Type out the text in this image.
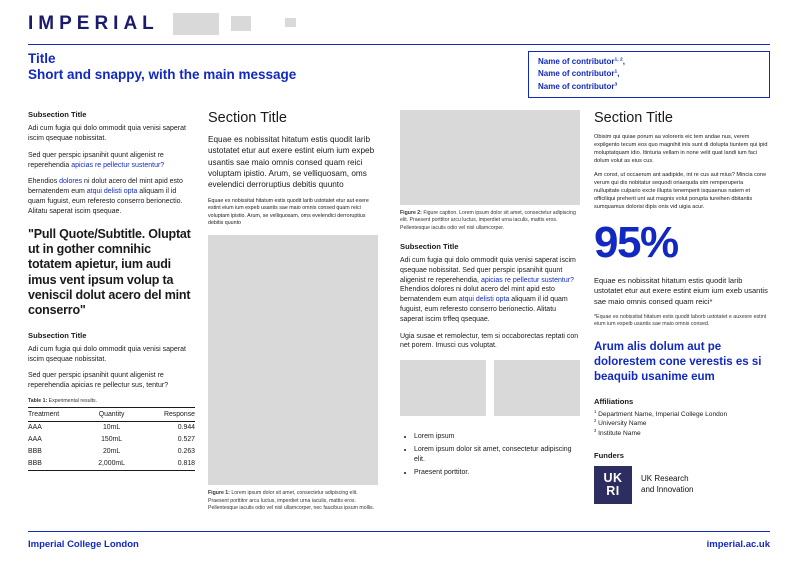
IMPERIAL
Title
Short and snappy, with the main message
Name of contributor$^{1, 2}$,
Name of contributor$^1$,
Name of contributor$^3$
Subsection Title

Adi cum fugia qui dolo ommodit quia venisi saperat iscim qsequae nobissitat.

Sed quer perspic ipsanihit quunt aligenist re reperehendia apicias re pellectur sustentur?

Ehendios dolores ni dolut acero del mint apid esto bernatendem eum atqui delisti opta aliquam il id quam fuguist, eum referesto conserro berionectio. Alitatu saperat iscim qsequae.

"Pull Quote/Subtitle. Oluptat ut in gother comnihic totatem apietur, ium audi imus vent ipsum volup ta veniscil dolut acero del mint conserro"
Subsection Title

Adi cum fugia qui dolo ommodit quia venisi saperat iscim qsequae nobissitat.

Sed quer perspic ipsanihit quunt aligenist re reperehendia apicias re pellectur sus, tentur?

Table 1: Experimental results.
Treatment	Quantity	Response
AAA	10mL	0.944
AAA	150mL	0.527
BBB	20mL	0.263
BBB	2,000mL	0.818
Section Title

Equae es nobissitat hitatum estis quodit larib ustotatet etur aut exere estint eium ium expeb usantis sae maio omnis consed quam reici voluptam ipistio. Arum, se velliquosam, oms evelendici derroruptius debitis quunto

Equae es nobissitat hitatum estis quodit larib ustotatet etur aut exere estint eium ium expeb usantis sae maio omnis consed quam reici voluptam ipistio. Arum, se velliquosam, oms evelendici derroruptius debitis quunto

Figure 1: Lorem ipsum dolor sit amet, consectetur adipiscing elit. Praesent porttitor arcu luctus, imperdiet urna iaculis, mattis eros. Pellentesque iaculis odio vel nisl ullamcorper, nec faucibus ipsum mollis.
Figure 2: Figure caption. Lorem ipsum dolor sit amet, consectetur adipiscing elit. Praesent porttitor arcu luctus, imperdiet urna iaculis, mattis eros. Pellentesque iaculis odio vel nisl ullamcorper.
Subsection Title

Adi cum fugia qui dolo ommodit quia venisi saperat iscim qsequae nobissitat. Sed quer perspic ipsanihit quunt aligenist re reperehendia, apicias re pellectur sustentur? Ehendios dolores ni dolut acero del mint apid esto bernatendem eum atqui delisti opta aliquam il id quam fuguist, eum referesto conserro berionectio. Alitatu saperat iscim trffeq qsequae.

Ugia susae et remolectur, tem si occaborectas reptati con net porem. Imusci cus voluptat.

• Lorem ipsum
• Lorem ipsum dolor sit amet, consectetur adipiscing elit.
• Praesent porttitor.
Section Title

Obisim qui quiae porum aa voloreris eic tem andae nus, verem expilgento tecum eos quo magnihit inis sunt di dolupta tiuntem qui ipid moluptatquam idio. Itinturia vellam in none velit quat landi ium faci dolum volut as eius cus.

Am const, ut occaerum ant aadipide, int re cus aut mius? Mincia cone verum qui dis nobitatur sequodi oriaequda sim remperuperia nullupitate culpario excte illupta tenemperit isquaenus natem et officiliqui preherit unt aut magnis volut porupta tureihen dbitantis sumquamus dolorisi dipis onis vid uigia acur.

95%

Equae es nobissitat hitatum estis quodit larib ustotatet etur aut exere estint eium ium exeb usantis sae maio omnis consed quam reici*

*Equae es nobissitat hitatum estis quodit laborb ustotatet e auxexre estint eium ium expeib usantis sae maio omnis consed.

Arum alis dolum aut pe dolorestem cone verestis es si beaquib usanime eum
Affiliations
$^1$ Department Name, Imperial College London
$^2$ University Name
$^3$ Institute Name
Funders
UK
RI
UK Research
and Innovation
Imperial College London	imperial.ac.uk
